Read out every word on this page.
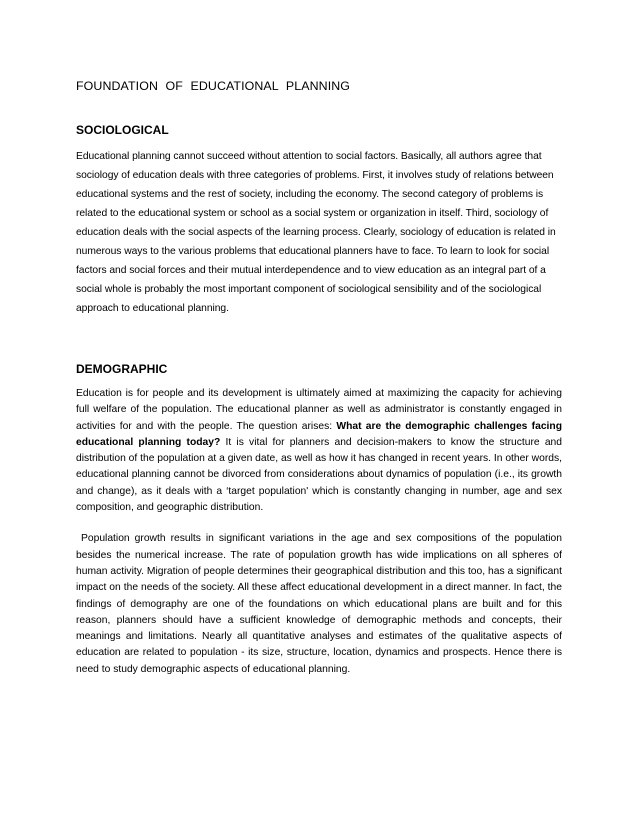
FOUNDATION OF EDUCATIONAL PLANNING
SOCIOLOGICAL

Educational planning cannot succeed without attention to social factors. Basically, all authors agree that sociology of education deals with three categories of problems. First, it involves study of relations between educational systems and the rest of society, including the economy. The second category of problems is related to the educational system or school as a social system or organization in itself. Third, sociology of education deals with the social aspects of the learning process. Clearly, sociology of education is related in numerous ways to the various problems that educational planners have to face. To learn to look for social factors and social forces and their mutual interdependence and to view education as an integral part of a social whole is probably the most important component of sociological sensibility and of the sociological approach to educational planning.

DEMOGRAPHIC

Education is for people and its development is ultimately aimed at maximizing the capacity for achieving full welfare of the population. The educational planner as well as administrator is constantly engaged in activities for and with the people. The question arises: What are the demographic challenges facing educational planning today? It is vital for planners and decision-makers to know the structure and distribution of the population at a given date, as well as how it has changed in recent years. In other words, educational planning cannot be divorced from considerations about dynamics of population (i.e., its growth and change), as it deals with a ‘target population' which is constantly changing in number, age and sex composition, and geographic distribution.

Population growth results in significant variations in the age and sex compositions of the population besides the numerical increase. The rate of population growth has wide implications on all spheres of human activity. Migration of people determines their geographical distribution and this too, has a significant impact on the needs of the society. All these affect educational development in a direct manner. In fact, the findings of demography are one of the foundations on which educational plans are built and for this reason, planners should have a sufficient knowledge of demographic methods and concepts, their meanings and limitations. Nearly all quantitative analyses and estimates of the qualitative aspects of education are related to population - its size, structure, location, dynamics and prospects. Hence there is need to study demographic aspects of educational planning.
